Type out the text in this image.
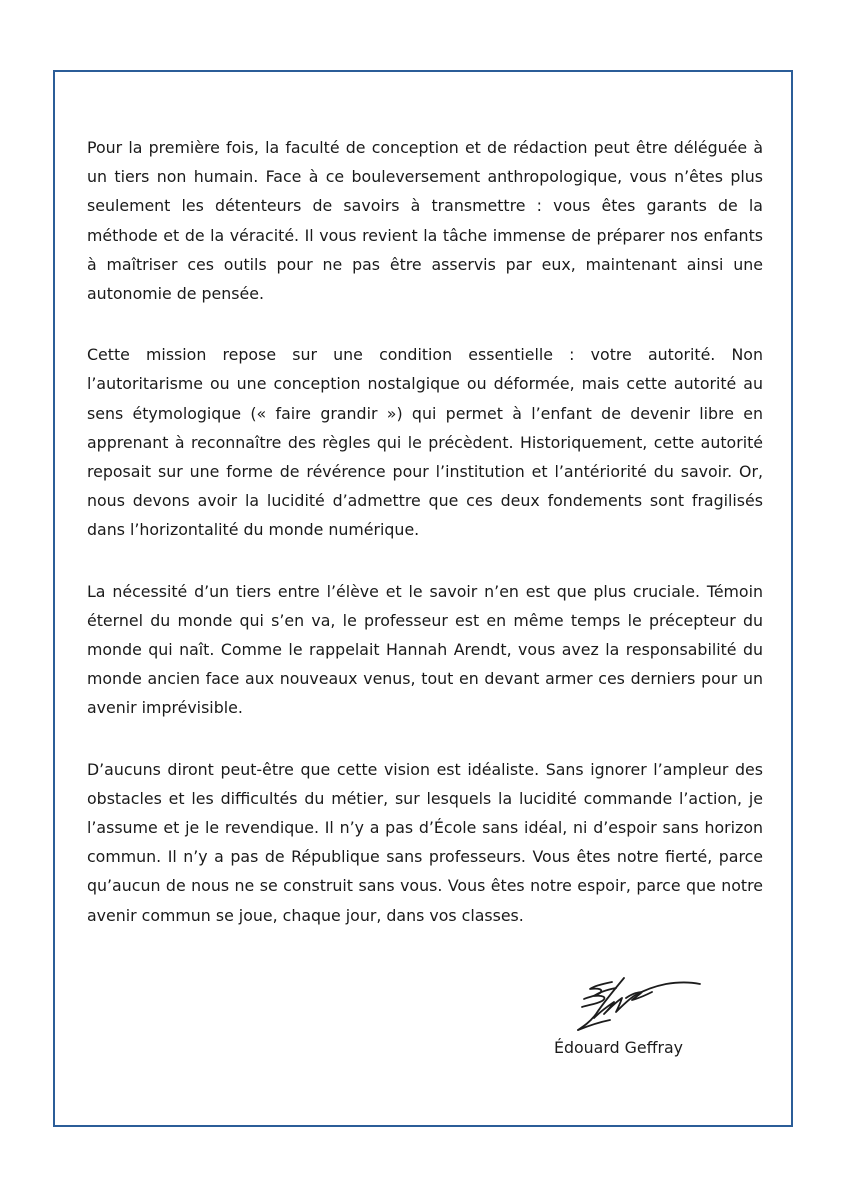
Pour la première fois, la faculté de conception et de rédaction peut être déléguée à un tiers non humain. Face à ce bouleversement anthropologique, vous n’êtes plus seulement les détenteurs de savoirs à transmettre : vous êtes garants de la méthode et de la véracité. Il vous revient la tâche immense de préparer nos enfants à maîtriser ces outils pour ne pas être asservis par eux, maintenant ainsi une autonomie de pensée.

Cette mission repose sur une condition essentielle : votre autorité. Non l’autoritarisme ou une conception nostalgique ou déformée, mais cette autorité au sens étymologique (« faire grandir ») qui permet à l’enfant de devenir libre en apprenant à reconnaître des règles qui le précèdent. Historiquement, cette autorité reposait sur une forme de révérence pour l’institution et l’antériorité du savoir. Or, nous devons avoir la lucidité d’admettre que ces deux fondements sont fragilisés dans l’horizontalité du monde numérique.

La nécessité d’un tiers entre l’élève et le savoir n’en est que plus cruciale. Témoin éternel du monde qui s’en va, le professeur est en même temps le précepteur du monde qui naît. Comme le rappelait Hannah Arendt, vous avez la responsabilité du monde ancien face aux nouveaux venus, tout en devant armer ces derniers pour un avenir imprévisible.

D’aucuns diront peut-être que cette vision est idéaliste. Sans ignorer l’ampleur des obstacles et les difficultés du métier, sur lesquels la lucidité commande l’action, je l’assume et je le revendique. Il n’y a pas d’École sans idéal, ni d’espoir sans horizon commun. Il n’y a pas de République sans professeurs. Vous êtes notre fierté, parce qu’aucun de nous ne se construit sans vous. Vous êtes notre espoir, parce que notre avenir commun se joue, chaque jour, dans vos classes.

Édouard Geffray
